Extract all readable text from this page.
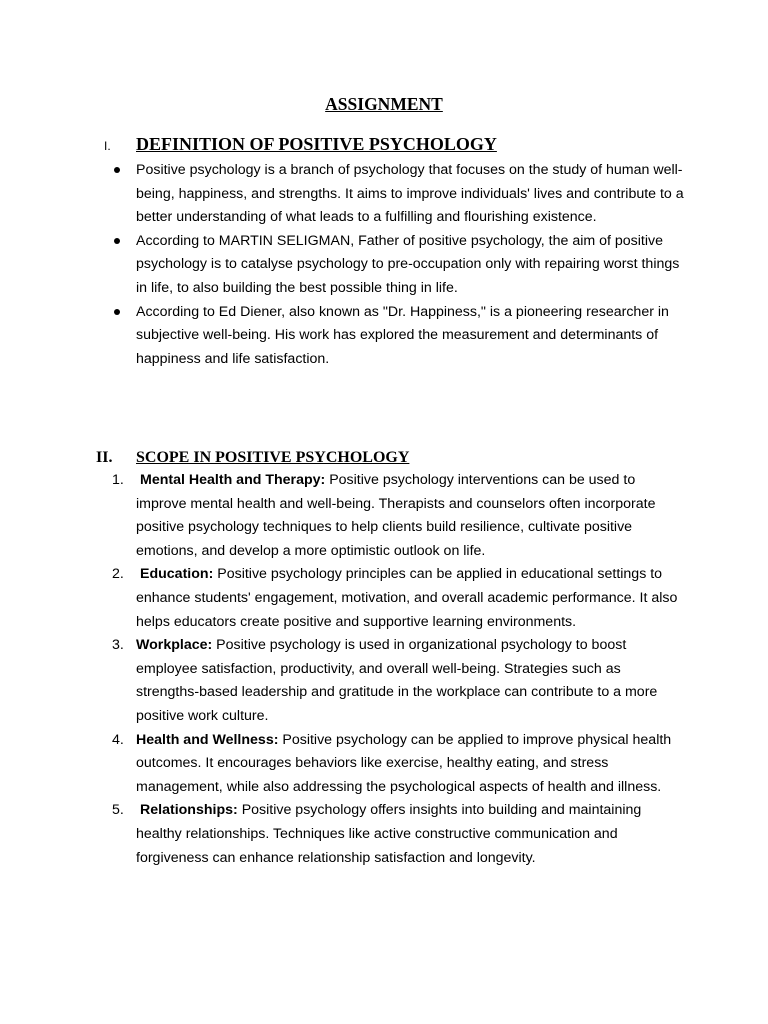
ASSIGNMENT
I. DEFINITION OF POSITIVE PSYCHOLOGY
Positive psychology is a branch of psychology that focuses on the study of human well-being, happiness, and strengths. It aims to improve individuals' lives and contribute to a better understanding of what leads to a fulfilling and flourishing existence.
According to MARTIN SELIGMAN, Father of positive psychology, the aim of positive psychology is to catalyse psychology to pre-occupation only with repairing worst things in life, to also building the best possible thing in life.
According to Ed Diener, also known as "Dr. Happiness," is a pioneering researcher in subjective well-being. His work has explored the measurement and determinants of happiness and life satisfaction.
II. SCOPE IN POSITIVE PSYCHOLOGY
1. Mental Health and Therapy: Positive psychology interventions can be used to improve mental health and well-being. Therapists and counselors often incorporate positive psychology techniques to help clients build resilience, cultivate positive emotions, and develop a more optimistic outlook on life.
2. Education: Positive psychology principles can be applied in educational settings to enhance students' engagement, motivation, and overall academic performance. It also helps educators create positive and supportive learning environments.
3. Workplace: Positive psychology is used in organizational psychology to boost employee satisfaction, productivity, and overall well-being. Strategies such as strengths-based leadership and gratitude in the workplace can contribute to a more positive work culture.
4. Health and Wellness: Positive psychology can be applied to improve physical health outcomes. It encourages behaviors like exercise, healthy eating, and stress management, while also addressing the psychological aspects of health and illness.
5. Relationships: Positive psychology offers insights into building and maintaining healthy relationships. Techniques like active constructive communication and forgiveness can enhance relationship satisfaction and longevity.
